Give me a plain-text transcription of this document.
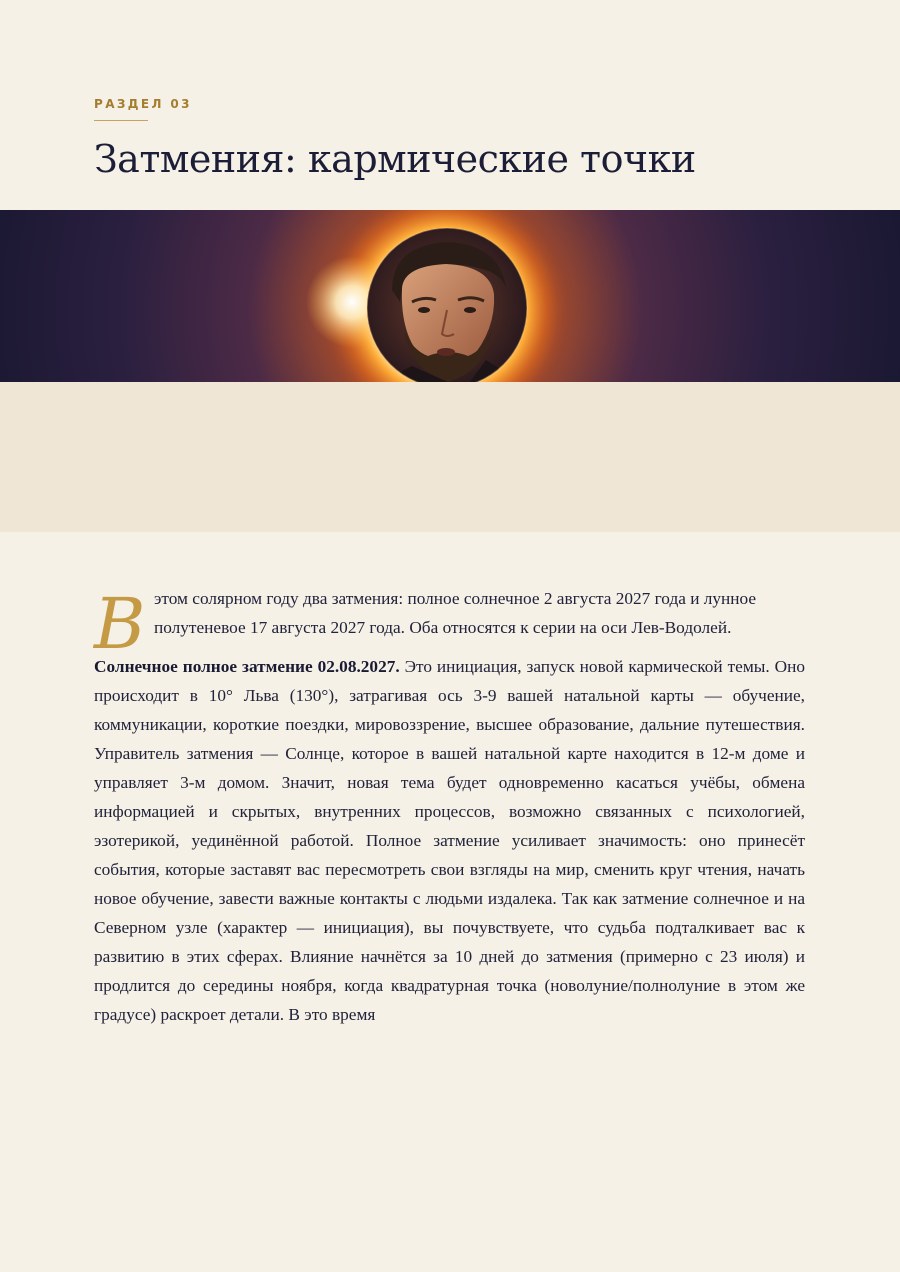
РАЗДЕЛ 03
Затмения: кармические точки

В этом солярном году два затмения: полное солнечное 2 августа 2027 года и лунное полутеневое 17 августа 2027 года. Оба относятся к серии на оси Лев-Водолей.

Солнечное полное затмение 02.08.2027. Это инициация, запуск новой кармической темы. Оно происходит в 10° Льва (130°), затрагивая ось 3-9 вашей натальной карты — обучение, коммуникации, короткие поездки, мировоззрение, высшее образование, дальние путешествия. Управитель затмения — Солнце, которое в вашей натальной карте находится в 12-м доме и управляет 3-м домом. Значит, новая тема будет одновременно касаться учёбы, обмена информацией и скрытых, внутренних процессов, возможно связанных с психологией, эзотерикой, уединённой работой. Полное затмение усиливает значимость: оно принесёт события, которые заставят вас пересмотреть свои взгляды на мир, сменить круг чтения, начать новое обучение, завести важные контакты с людьми издалека. Так как затмение солнечное и на Северном узле (характер — инициация), вы почувствуете, что судьба подталкивает вас к развитию в этих сферах. Влияние начнётся за 10 дней до затмения (примерно с 23 июля) и продлится до середины ноября, когда квадратурная точка (новолуние/полнолуние в этом же градусе) раскроет детали. В это время
